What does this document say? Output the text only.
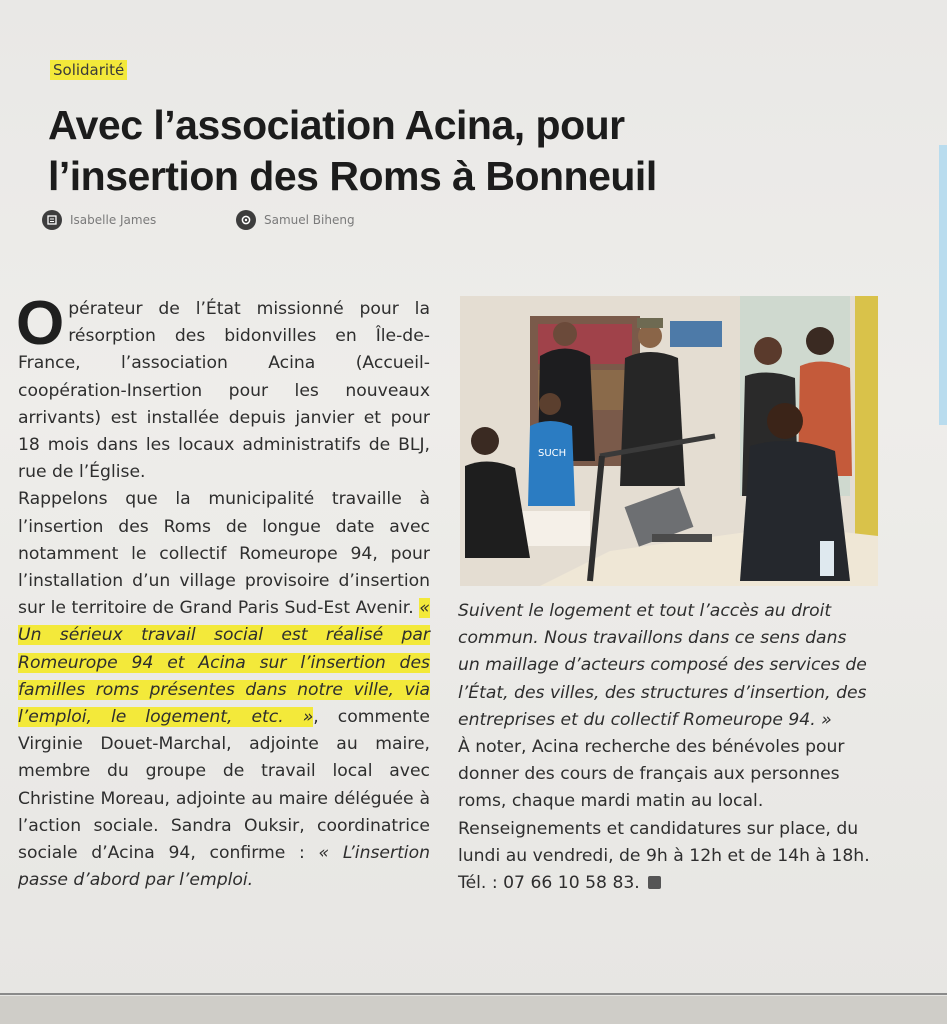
Solidarité
Avec l’association Acina, pour l’insertion des Roms à Bonneuil
Isabelle James	Samuel Biheng

Opérateur de l’État missionné pour la résorption des bidonvilles en Île-de-France, l’association Acina (Accueil-coopération-Insertion pour les nouveaux arrivants) est installée depuis janvier et pour 18 mois dans les locaux administratifs de BLJ, rue de l’Église.

Rappelons que la municipalité travaille à l’insertion des Roms de longue date avec notamment le collectif Romeurope 94, pour l’installation d’un village provisoire d’insertion sur le territoire de Grand Paris Sud-Est Avenir. « Un sérieux travail social est réalisé par Romeurope 94 et Acina sur l’insertion des familles roms présentes dans notre ville, via l’emploi, le logement, etc. », commente Virginie Douet-Marchal, adjointe au maire, membre du groupe de travail local avec Christine Moreau, adjointe au maire déléguée à l’action sociale. Sandra Ouksir, coordinatrice sociale d’Acina 94, confirme : « L’insertion passe d’abord par l’emploi.

SUCH

Suivent le logement et tout l’accès au droit commun. Nous travaillons dans ce sens dans un maillage d’acteurs composé des services de l’État, des villes, des structures d’insertion, des entreprises et du collectif Romeurope 94. »

À noter, Acina recherche des bénévoles pour donner des cours de français aux personnes roms, chaque mardi matin au local. Renseignements et candidatures sur place, du lundi au vendredi, de 9h à 12h et de 14h à 18h. Tél. : 07 66 10 58 83.
